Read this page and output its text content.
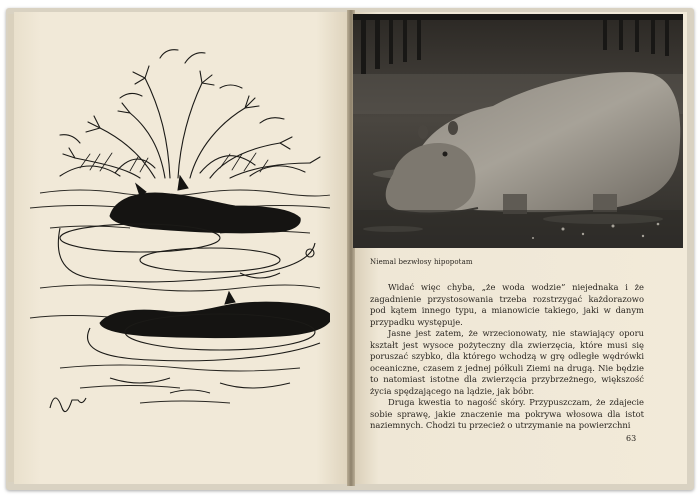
Niemal bezwłosy hipopotam

Widać więc chyba, „że woda wodzie” niejednaka i że zagadnienie przystosowania trzeba rozstrzygać każdorazowo pod kątem innego typu, a mianowicie takiego, jaki w danym przypadku występuje.

Jasne jest zatem, że wrzecionowaty, nie stawiający oporu kształt jest wysoce pożyteczny dla zwierzęcia, które musi się poruszać szybko, dla którego wchodzą w grę odległe wędrówki oceaniczne, czasem z jednej półkuli Ziemi na drugą. Nie będzie to natomiast istotne dla zwierzęcia przybrzeżnego, większość życia spędzającego na lądzie, jak bóbr.

Druga kwestia to nagość skóry. Przypuszczam, że zdajecie sobie sprawę, jakie znaczenie ma pokrywa włosowa dla istot naziemnych. Chodzi tu przecież o utrzymanie na powierzchni

63
